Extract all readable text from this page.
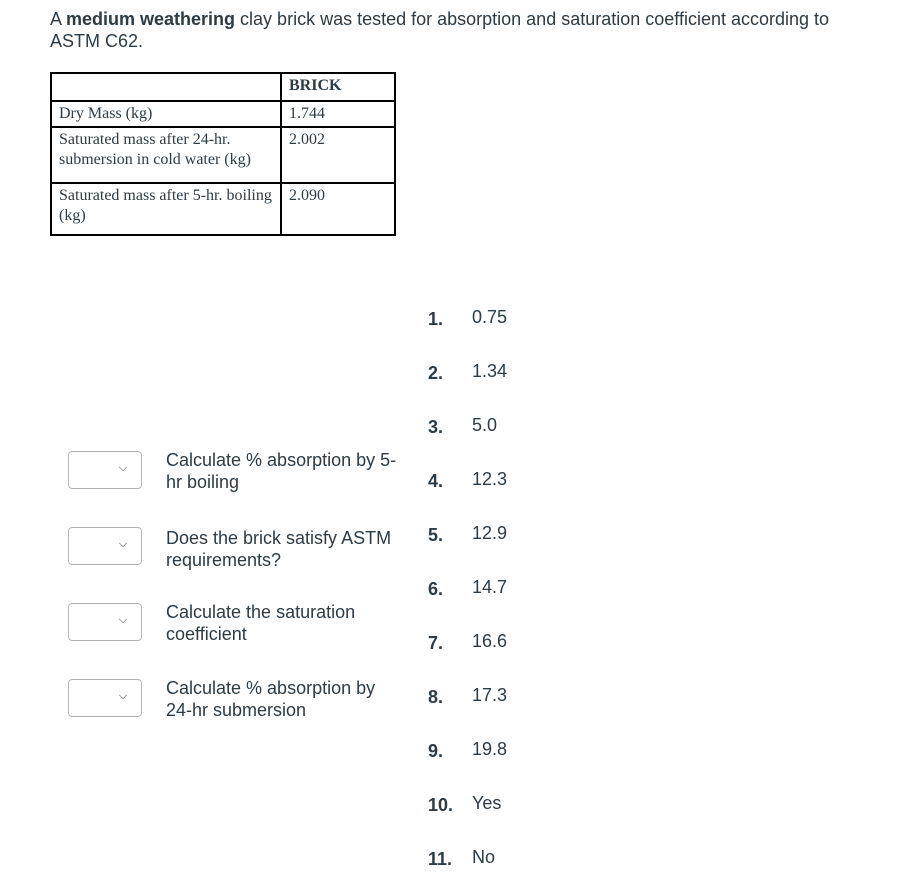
A medium weathering clay brick was tested for absorption and saturation coefficient according to ASTM C62.
	BRICK
Dry Mass (kg)	1.744
Saturated mass after 24-hr. submersion in cold water (kg)	2.002
Saturated mass after 5-hr. boiling (kg)	2.090
⌵ Calculate % absorption by 5-hr boiling
⌵ Does the brick satisfy ASTM requirements?
⌵ Calculate the saturation coefficient
⌵ Calculate % absorption by 24-hr submersion
1. 0.75
2. 1.34
3. 5.0
4. 12.3
5. 12.9
6. 14.7
7. 16.6
8. 17.3
9. 19.8
10. Yes
11. No
